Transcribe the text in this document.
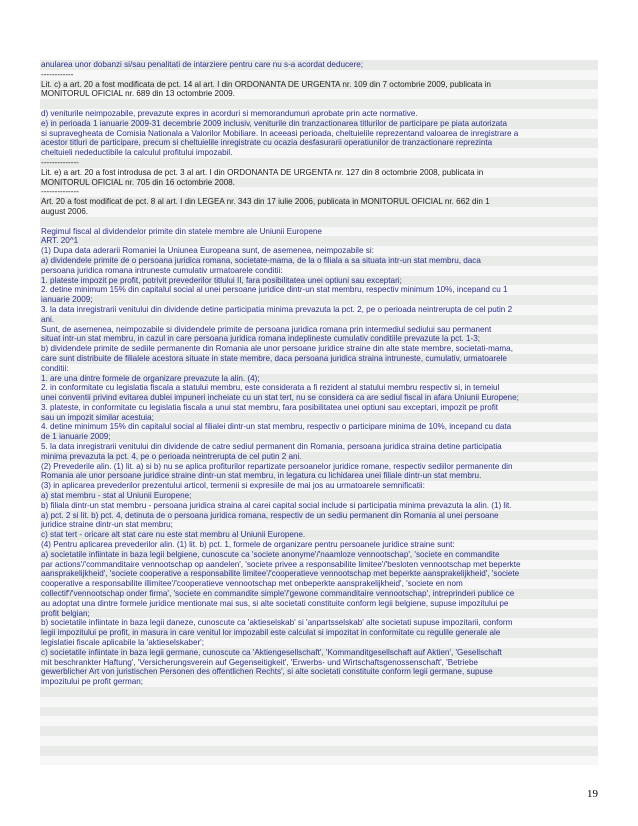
anularea unor dobanzi si/sau penalitati de intarziere pentru care nu s-a acordat deducere;
------------
Lit. c) a art. 20 a fost modificata de pct. 14 al art. I din ORDONANTA DE URGENTA nr. 109 din 7 octombrie 2009, publicata in
MONITORUL OFICIAL nr. 689 din 13 octombrie 2009.
d) veniturile neimpozabile, prevazute expres in acorduri si memorandumuri aprobate prin acte normative.
e) in perioada 1 ianuarie 2009-31 decembrie 2009 inclusiv, veniturile din tranzactionarea titlurilor de participare pe piata autorizata
si supravegheata de Comisia Nationala a Valorilor Mobiliare. In aceeasi perioada, cheltuielile reprezentand valoarea de inregistrare a
acestor titluri de participare, precum si cheltuielile inregistrate cu ocazia desfasurarii operatiunilor de tranzactionare reprezinta
cheltuieli nedeductibile la calculul profitului impozabil.
--------------
Lit. e) a art. 20 a fost introdusa de pct. 3 al art. I din ORDONANTA DE URGENTA nr. 127 din 8 octombrie 2008, publicata in
MONITORUL OFICIAL nr. 705 din 16 octombrie 2008.
--------------
Art. 20 a fost modificat de pct. 8 al art. I din LEGEA nr. 343 din 17 iulie 2006, publicata in MONITORUL OFICIAL nr. 662 din 1
august 2006.
Regimul fiscal al dividendelor primite din statele membre ale Uniunii Europene
ART. 20^1
(1) Dupa data aderarii Romaniei la Uniunea Europeana sunt, de asemenea, neimpozabile si:
a) dividendele primite de o persoana juridica romana, societate-mama, de la o filiala a sa situata intr-un stat membru, daca
persoana juridica romana intruneste cumulativ urmatoarele conditii:
1. plateste impozit pe profit, potrivit prevederilor titlului II, fara posibilitatea unei optiuni sau exceptari;
2. detine minimum 15% din capitalul social al unei persoane juridice dintr-un stat membru, respectiv minimum 10%, incepand cu 1
ianuarie 2009;
3. la data inregistrarii venitului din dividende detine participatia minima prevazuta la pct. 2, pe o perioada neintrerupta de cel putin 2
ani.
Sunt, de asemenea, neimpozabile si dividendele primite de persoana juridica romana prin intermediul sediului sau permanent
situat intr-un stat membru, in cazul in care persoana juridica romana indeplineste cumulativ conditiile prevazute la pct. 1-3;
b) dividendele primite de sediile permanente din Romania ale unor persoane juridice straine din alte state membre, societati-mama,
care sunt distribuite de filialele acestora situate in state membre, daca persoana juridica straina intruneste, cumulativ, urmatoarele
conditii:
1. are una dintre formele de organizare prevazute la alin. (4);
2. in conformitate cu legislatia fiscala a statului membru, este considerata a fi rezident al statului membru respectiv si, in temeiul
unei conventii privind evitarea dublei impuneri incheiate cu un stat tert, nu se considera ca are sediul fiscal in afara Uniunii Europene;
3. plateste, in conformitate cu legislatia fiscala a unui stat membru, fara posibilitatea unei optiuni sau exceptari, impozit pe profit
sau un impozit similar acestuia;
4. detine minimum 15% din capitalul social al filialei dintr-un stat membru, respectiv o participare minima de 10%, incepand cu data
de 1 ianuarie 2009;
5. la data inregistrarii venitului din dividende de catre sediul permanent din Romania, persoana juridica straina detine participatia
minima prevazuta la pct. 4, pe o perioada neintrerupta de cel putin 2 ani.
(2) Prevederile alin. (1) lit. a) si b) nu se aplica profiturilor repartizate persoanelor juridice romane, respectiv sediilor permanente din
Romania ale unor persoane juridice straine dintr-un stat membru, in legatura cu lichidarea unei filiale dintr-un stat membru.
(3) in aplicarea prevederilor prezentului articol, termenii si expresiile de mai jos au urmatoarele semnificatii:
a) stat membru - stat al Uniunii Europene;
b) filiala dintr-un stat membru - persoana juridica straina al carei capital social include si participatia minima prevazuta la alin. (1) lit.
a) pct. 2 si lit. b) pct. 4, detinuta de o persoana juridica romana, respectiv de un sediu permanent din Romania al unei persoane
juridice straine dintr-un stat membru;
c) stat tert - oricare alt stat care nu este stat membru al Uniunii Europene.
(4) Pentru aplicarea prevederilor alin. (1) lit. b) pct. 1, formele de organizare pentru persoanele juridice straine sunt:
a) societatile infiintate in baza legii belgiene, cunoscute ca 'societe anonyme'/'naamloze vennootschap', 'societe en commandite
par actions'/'commanditaire vennootschap op aandelen', 'societe privee a responsabilite limitee'/'besloten vennootschap met beperkte
aansprakelijkheid', 'societe cooperative a responsabilite limitee'/'cooperatieve vennootschap met beperkte aansprakelijkheid', 'societe
cooperative a responsabilite illimitee'/'cooperatieve vennootschap met onbeperkte aansprakelijkheid', 'societe en nom
collectif'/'vennootschap onder firma', 'societe en commandite simple'/'gewone commanditaire vennootschap', intreprinderi publice ce
au adoptat una dintre formele juridice mentionate mai sus, si alte societati constituite conform legii belgiene, supuse impozitului pe
profit belgian;
b) societatile infiintate in baza legii daneze, cunoscute ca 'aktieselskab' si 'anpartsselskab' alte societati supuse impozitarii, conform
legii impozitului pe profit, in masura in care venitul lor impozabil este calculat si impozitat in conformitate cu regulile generale ale
legislatiei fiscale aplicabile la 'aktieselskaber';
c) societatile infiintate in baza legii germane, cunoscute ca 'Aktiengesellschaft', 'Kommanditgesellschaft auf Aktien', 'Gesellschaft
mit beschrankter Haftung', 'Versicherungsverein auf Gegenseitigkeit', 'Erwerbs- und Wirtschaftsgenossenschaft', 'Betriebe
gewerblicher Art von juristischen Personen des offentlichen Rechts', si alte societati constituite conform legii germane, supuse
impozitului pe profit german;
19
